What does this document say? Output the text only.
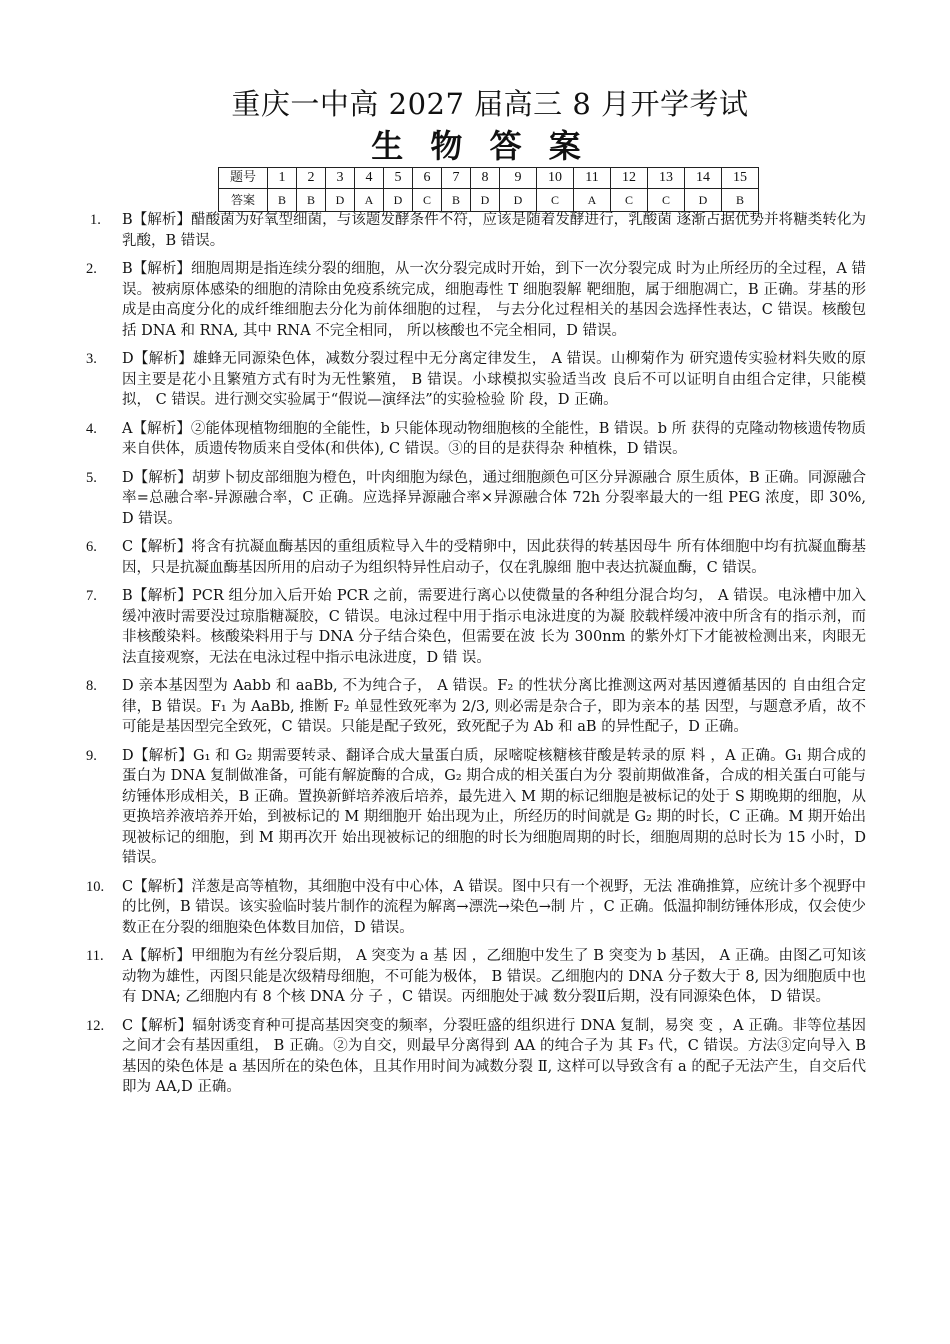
重庆一中高 2027 届高三 8 月开学考试
生 物 答 案
题号	1	2	3	4	5	6	7	8	9	10	11	12	13	14	15
答案	B	B	D	A	D	C	B	D	D	C	A	C	C	D	B
1. B【解析】醋酸菌为好氧型细菌，与该题发酵条件不符，应该是随着发酵进行，乳酸菌 逐渐占据优势并将糖类转化为乳酸，B 错误。
2. B【解析】细胞周期是指连续分裂的细胞，从一次分裂完成时开始，到下一次分裂完成 时为止所经历的全过程，A 错误。被病原体感染的细胞的清除由免疫系统完成，细胞毒性 T 细胞裂解 靶细胞，属于细胞凋亡，B 正确。芽基的形成是由高度分化的成纤维细胞去分化为前体细胞的过程， 与去分化过程相关的基因会选择性表达，C 错误。核酸包括 DNA 和 RNA, 其中 RNA 不完全相同， 所以核酸也不完全相同，D 错误。
3. D【解析】雄蜂无同源染色体，减数分裂过程中无分离定律发生， A 错误。山柳菊作为 研究遗传实验材料失败的原因主要是花小且繁殖方式有时为无性繁殖， B 错误。小球模拟实验适当改 良后不可以证明自由组合定律，只能模拟， C 错误。进行测交实验属于“假说—演绎法”的实验检验 阶 段，D 正确。
4. A【解析】②能体现植物细胞的全能性，b 只能体现动物细胞核的全能性，B 错误。b 所 获得的克隆动物核遗传物质来自供体，质遗传物质来自受体(和供体), C 错误。③的目的是获得杂 种植株，D 错误。
5. D【解析】胡萝卜韧皮部细胞为橙色，叶肉细胞为绿色，通过细胞颜色可区分异源融合 原生质体，B 正确。同源融合率=总融合率-异源融合率，C 正确。应选择异源融合率×异源融合体 72h 分裂率最大的一组 PEG 浓度，即 30%, D 错误。
6. C【解析】将含有抗凝血酶基因的重组质粒导入牛的受精卵中，因此获得的转基因母牛 所有体细胞中均有抗凝血酶基因，只是抗凝血酶基因所用的启动子为组织特异性启动子，仅在乳腺细 胞中表达抗凝血酶，C 错误。
7. B【解析】PCR 组分加入后开始 PCR 之前，需要进行离心以使微量的各种组分混合均匀， A 错误。电泳槽中加入缓冲液时需要没过琼脂糖凝胶，C 错误。电泳过程中用于指示电泳进度的为凝 胶载样缓冲液中所含有的指示剂，而非核酸染料。核酸染料用于与 DNA 分子结合染色，但需要在波 长为 300nm 的紫外灯下才能被检测出来，肉眼无法直接观察，无法在电泳过程中指示电泳进度，D 错 误。
8. D 亲本基因型为 Aabb 和 aaBb, 不为纯合子， A 错误。F₂ 的性状分离比推测这两对基因遵循基因的 自由组合定律，B 错误。F₁ 为 AaBb, 推断 F₂ 单显性致死率为 2/3, 则必需是杂合子，即为亲本的基 因型，与题意矛盾，故不可能是基因型完全致死，C 错误。只能是配子致死，致死配子为 Ab 和 aB 的异性配子，D 正确。
9. D【解析】G₁ 和 G₂ 期需要转录、翻译合成大量蛋白质，尿嘧啶核糖核苷酸是转录的原 料 ，A 正确。G₁ 期合成的蛋白为 DNA 复制做准备，可能有解旋酶的合成，G₂ 期合成的相关蛋白为分 裂前期做准备，合成的相关蛋白可能与纺锤体形成相关，B 正确。置换新鲜培养液后培养，最先进入 M 期的标记细胞是被标记的处于 S 期晚期的细胞，从更换培养液培养开始，到被标记的 M 期细胞开 始出现为止，所经历的时间就是 G₂ 期的时长，C 正确。M 期开始出现被标记的细胞，到 M 期再次开 始出现被标记的细胞的时长为细胞周期的时长，细胞周期的总时长为 15 小时，D 错误。
10. C【解析】洋葱是高等植物，其细胞中没有中心体，A 错误。图中只有一个视野，无法 准确推算，应统计多个视野中的比例，B 错误。该实验临时装片制作的流程为解离→漂洗→染色→制 片 ，C 正确。低温抑制纺锤体形成，仅会使少数正在分裂的细胞染色体数目加倍，D 错误。
11. A【解析】甲细胞为有丝分裂后期， A 突变为 a 基 因 ，乙细胞中发生了 B 突变为 b 基因， A 正确。由图乙可知该动物为雄性，丙图只能是次级精母细胞，不可能为极体， B 错误。乙细胞内的 DNA 分子数大于 8, 因为细胞质中也有 DNA; 乙细胞内有 8 个核 DNA 分 子 ，C 错误。丙细胞处于减 数分裂Ⅱ后期，没有同源染色体， D 错误。
12. C【解析】辐射诱变育种可提高基因突变的频率，分裂旺盛的组织进行 DNA 复制，易突 变 ，A 正确。非等位基因之间才会有基因重组， B 正确。②为自交，则最早分离得到 AA 的纯合子为 其 F₃ 代，C 错误。方法③定向导入 B 基因的染色体是 a 基因所在的染色体，且其作用时间为减数分裂 Ⅱ, 这样可以导致含有 a 的配子无法产生，自交后代即为 AA,D 正确。
